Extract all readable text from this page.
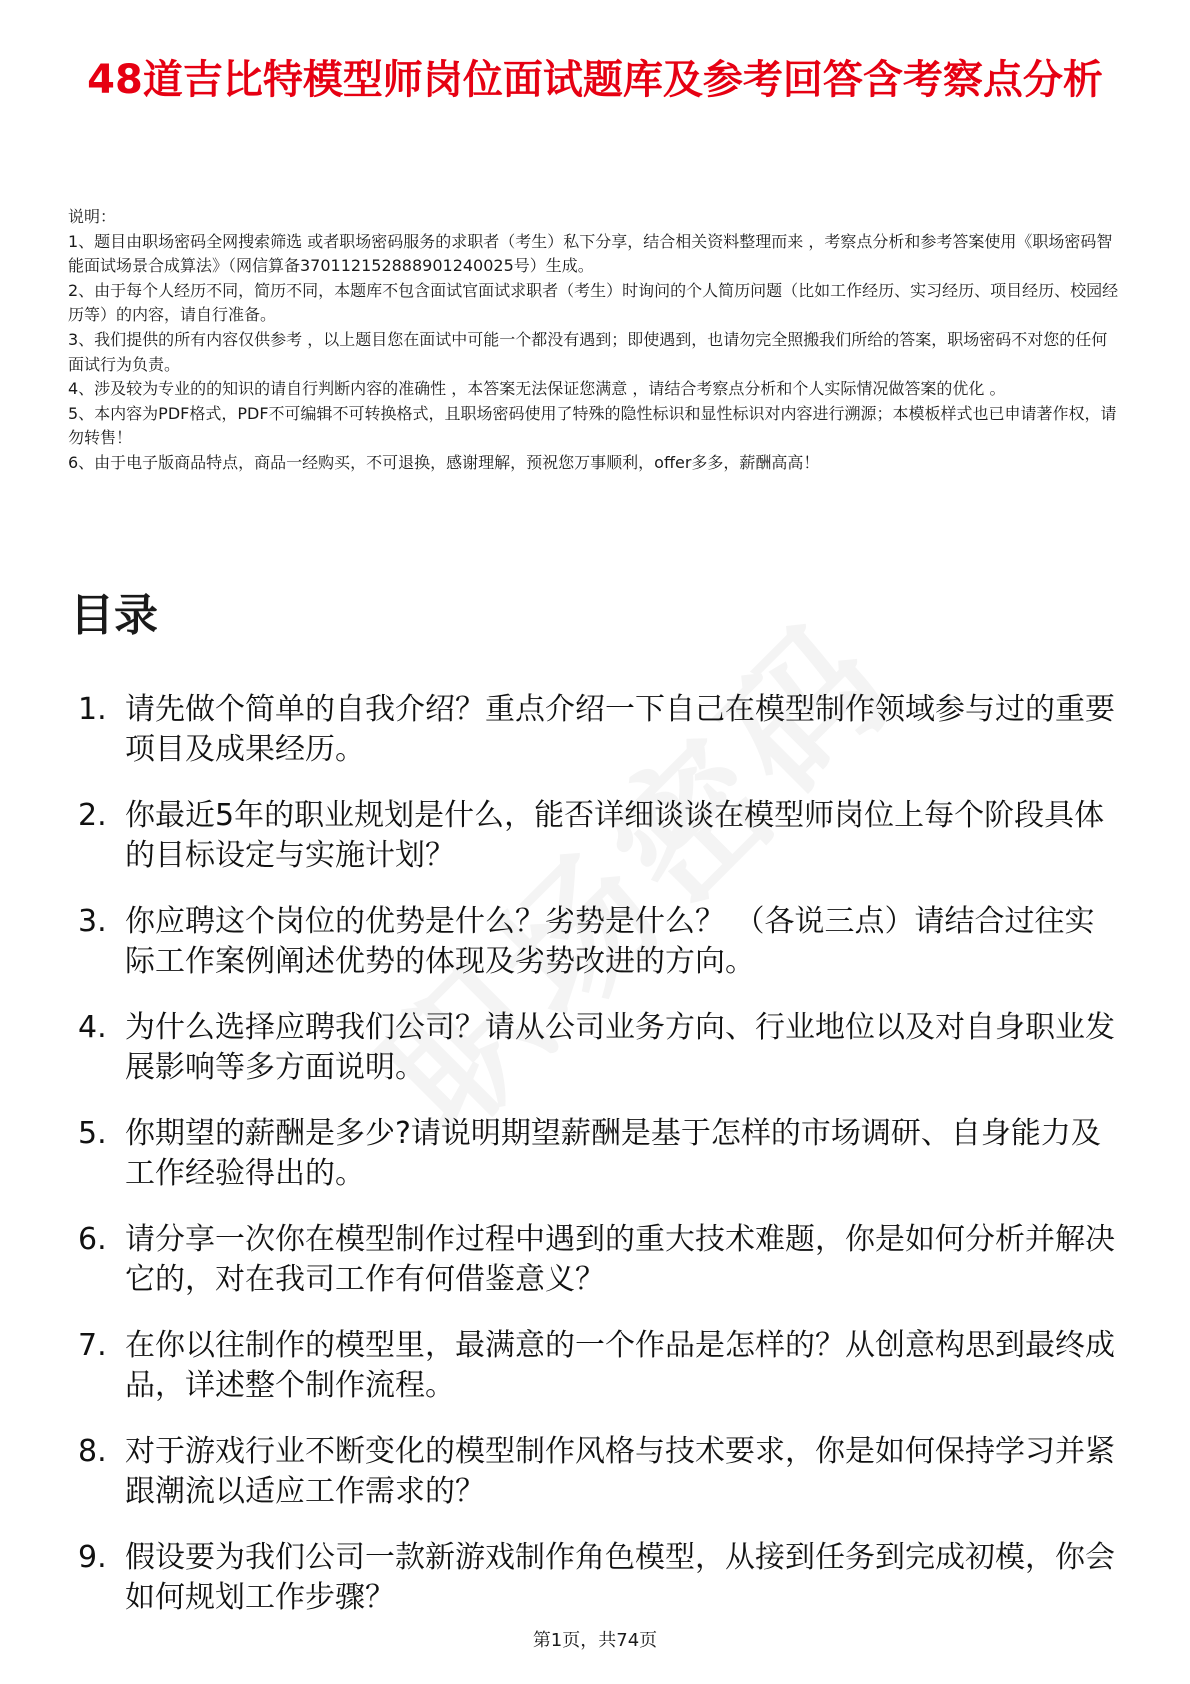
48道吉比特模型师岗位面试题库及参考回答含考察点分析

说明：

1、题目由职场密码全网搜索筛选 或者职场密码服务的求职者（考生）私下分享，结合相关资料整理而来 ，考察点分析和参考答案使用《职场密码智能面试场景合成算法》（网信算备370112152888901240025号）生成。

2、由于每个人经历不同，简历不同，本题库不包含面试官面试求职者（考生）时询问的个人简历问题（比如工作经历、实习经历、项目经历、校园经历等）的内容，请自行准备。

3、我们提供的所有内容仅供参考 ，以上题目您在面试中可能一个都没有遇到；即使遇到，也请勿完全照搬我们所给的答案，职场密码不对您的任何面试行为负责。

4、涉及较为专业的的知识的请自行判断内容的准确性 ，本答案无法保证您满意 ，请结合考察点分析和个人实际情况做答案的优化 。

5、本内容为PDF格式，PDF不可编辑不可转换格式，且职场密码使用了特殊的隐性标识和显性标识对内容进行溯源；本模板样式也已申请著作权，请勿转售！

6、由于电子版商品特点，商品一经购买，不可退换，感谢理解，预祝您万事顺利，offer多多，薪酬高高！

目录
1. 请先做个简单的自我介绍？重点介绍一下自己在模型制作领域参与过的重要项目及成果经历。
2. 你最近5年的职业规划是什么，能否详细谈谈在模型师岗位上每个阶段具体的目标设定与实施计划？
3. 你应聘这个岗位的优势是什么？劣势是什么？ （各说三点）请结合过往实际工作案例阐述优势的体现及劣势改进的方向。
4. 为什么选择应聘我们公司？请从公司业务方向、行业地位以及对自身职业发展影响等多方面说明。
5. 你期望的薪酬是多少?请说明期望薪酬是基于怎样的市场调研、自身能力及工作经验得出的。
6. 请分享一次你在模型制作过程中遇到的重大技术难题，你是如何分析并解决它的，对在我司工作有何借鉴意义？
7. 在你以往制作的模型里，最满意的一个作品是怎样的？从创意构思到最终成品，详述整个制作流程。
8. 对于游戏行业不断变化的模型制作风格与技术要求，你是如何保持学习并紧跟潮流以适应工作需求的？
9. 假设要为我们公司一款新游戏制作角色模型，从接到任务到完成初模，你会如何规划工作步骤？
第1页，共74页
